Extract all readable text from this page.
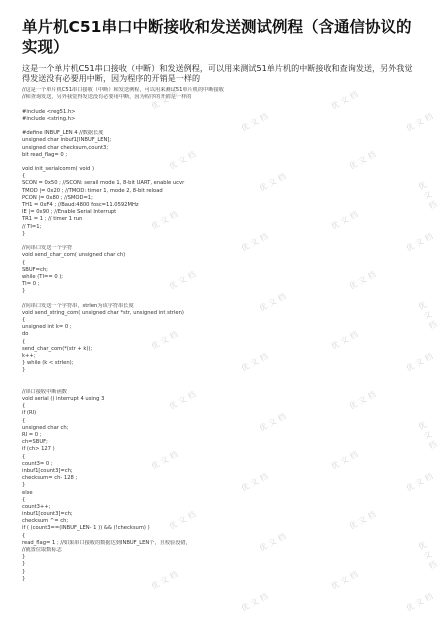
单片机C51串口中断接收和发送测试例程（含通信协议的实现）
这是一个单片机C51串口接收（中断）和发送例程，可以用来测试51单片机的中断接收和查询发送，另外我觉得发送没有必要用中断，因为程序的开销是一样的
//这是一个单片机C51串口接收（中断）和发送例程，可以用来测试51单片机的中断接收
//和查询发送，另外我觉得发送没有必要用中断，因为程序的开销是一样的
#include <reg51.h>
#include <string.h>
#define INBUF_LEN 4 //数据长度
unsigned char inbuf1[INBUF_LEN];
unsigned char checksum,count3;
bit read_flag= 0 ;
void init_serialcomm( void )
{
SCON = 0x50 ; //SCON: serail mode 1, 8-bit UART, enable ucvr
TMOD |= 0x20 ; //TMOD: timer 1, mode 2, 8-bit reload
PCON |= 0x80 ; //SMOD=1;
TH1 = 0xF4 ; //Baud:4800 fosc=11.0592MHz
IE |= 0x90 ; //Enable Serial Interrupt
TR1 = 1 ; // timer 1 run
// TI=1;
}
//向串口发送一个字符
void send_char_com( unsigned char ch)
{
SBUF=ch;
while (TI== 0 );
TI= 0 ;
}
//向串口发送一个字符串，strlen为该字符串长度
void send_string_com( unsigned char *str, unsigned int strlen)
{
unsigned int k= 0 ;
do
{
send_char_com(*(str + k));
k++;
} while (k < strlen);
}
//串口接收中断函数
void serial () interrupt 4 using 3
{
if (RI)
{
unsigned char ch;
RI = 0 ;
ch=SBUF;
if (ch> 127 )
{
count3= 0 ;
inbuf1[count3]=ch;
checksum= ch- 128 ;
}
else
{
count3++;
inbuf1[count3]=ch;
checksum ^= ch;
if ( (count3==(INBUF_LEN- 1 )) && (!checksum) )
{
read_flag= 1 ; //如果串口接收的数据达到INBUF_LEN个，且校验没错，
//就置位取数标志
}
}
}
}
优 文 档
优 文 档
优 文 档
优 文 档
优 文 档
优 文 档
优 文 档
优 文 档
优 文 档
优 文 档
优 文 档
优 文 档
优 文 档
优 文 档
优 文 档
优 文 档
优 文 档
优 文 档
优 文 档
优 文 档
优 文 档
优 文 档
优 文 档
优 文 档
优 文 档
优 文 档
优 文 档
优 文 档
优 文 档
优 文 档
优 文 档
优 文 档
优 文 档
优 文 档
优 文 档
优 文 档
